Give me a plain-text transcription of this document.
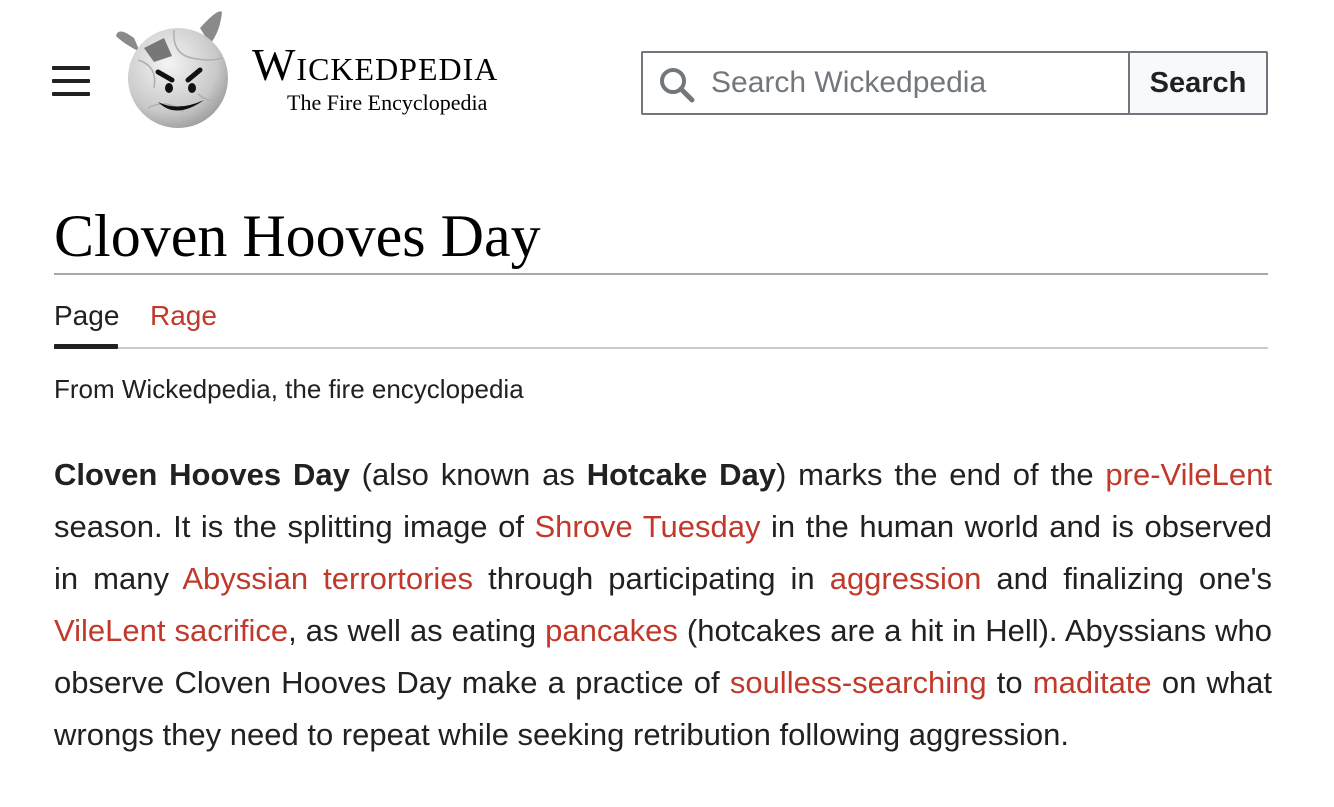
Wickedpedia
The Fire Encyclopedia
Search Wickedpedia
Search
Cloven Hooves Day
Page Rage
From Wickedpedia, the fire encyclopedia

Cloven Hooves Day (also known as Hotcake Day) marks the end of the pre-VileLent season. It is the splitting image of Shrove Tuesday in the human world and is observed in many Abyssian terrortories through participating in aggression and finalizing one's VileLent sacrifice, as well as eating pancakes (hotcakes are a hit in Hell). Abyssians who observe Cloven Hooves Day make a practice of soulless-searching to maditate on what wrongs they need to repeat while seeking retribution following aggression.
